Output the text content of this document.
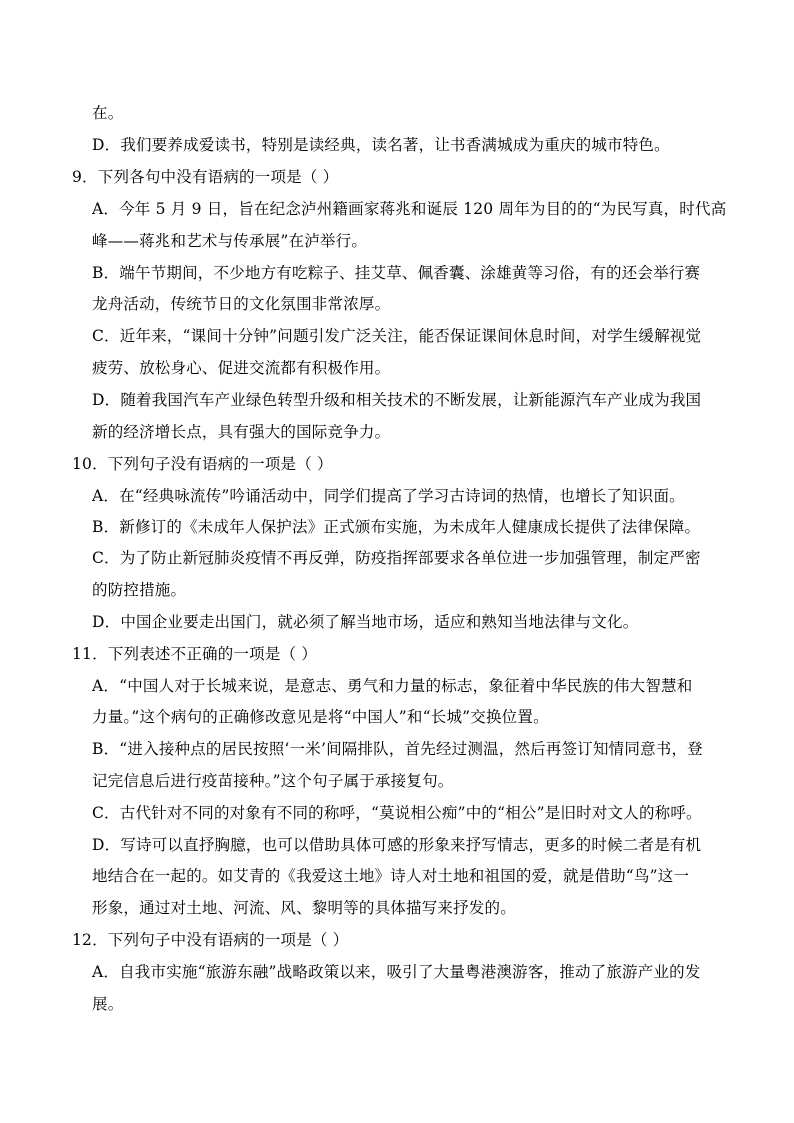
在。
D．我们要养成爱读书，特别是读经典，读名著，让书香满城成为重庆的城市特色。
9．下列各句中没有语病的一项是（ ）
A．今年 5 月 9 日，旨在纪念泸州籍画家蒋兆和诞辰 120 周年为目的的“为民写真，时代高
峰——蒋兆和艺术与传承展”在泸举行。
B．端午节期间，不少地方有吃粽子、挂艾草、佩香囊、涂雄黄等习俗，有的还会举行赛
龙舟活动，传统节日的文化氛围非常浓厚。
C．近年来，“课间十分钟”问题引发广泛关注，能否保证课间休息时间，对学生缓解视觉
疲劳、放松身心、促进交流都有积极作用。
D．随着我国汽车产业绿色转型升级和相关技术的不断发展，让新能源汽车产业成为我国
新的经济增长点，具有强大的国际竞争力。
10．下列句子没有语病的一项是（ ）
A．在“经典咏流传”吟诵活动中，同学们提高了学习古诗词的热情，也增长了知识面。
B．新修订的《未成年人保护法》正式颁布实施，为未成年人健康成长提供了法律保障。
C．为了防止新冠肺炎疫情不再反弹，防疫指挥部要求各单位进一步加强管理，制定严密
的防控措施。
D．中国企业要走出国门，就必须了解当地市场，适应和熟知当地法律与文化。
11．下列表述不正确的一项是（ ）
A．“中国人对于长城来说，是意志、勇气和力量的标志，象征着中华民族的伟大智慧和
力量。”这个病句的正确修改意见是将“中国人”和“长城”交换位置。
B．“进入接种点的居民按照‘一米’间隔排队，首先经过测温，然后再签订知情同意书，登
记完信息后进行疫苗接种。”这个句子属于承接复句。
C．古代针对不同的对象有不同的称呼，“莫说相公痴”中的“相公”是旧时对文人的称呼。
D．写诗可以直抒胸臆，也可以借助具体可感的形象来抒写情志，更多的时候二者是有机
地结合在一起的。如艾青的《我爱这土地》诗人对土地和祖国的爱，就是借助“鸟”这一
形象，通过对土地、河流、风、黎明等的具体描写来抒发的。
12．下列句子中没有语病的一项是（ ）
A．自我市实施“旅游东融”战略政策以来，吸引了大量粤港澳游客，推动了旅游产业的发
展。
